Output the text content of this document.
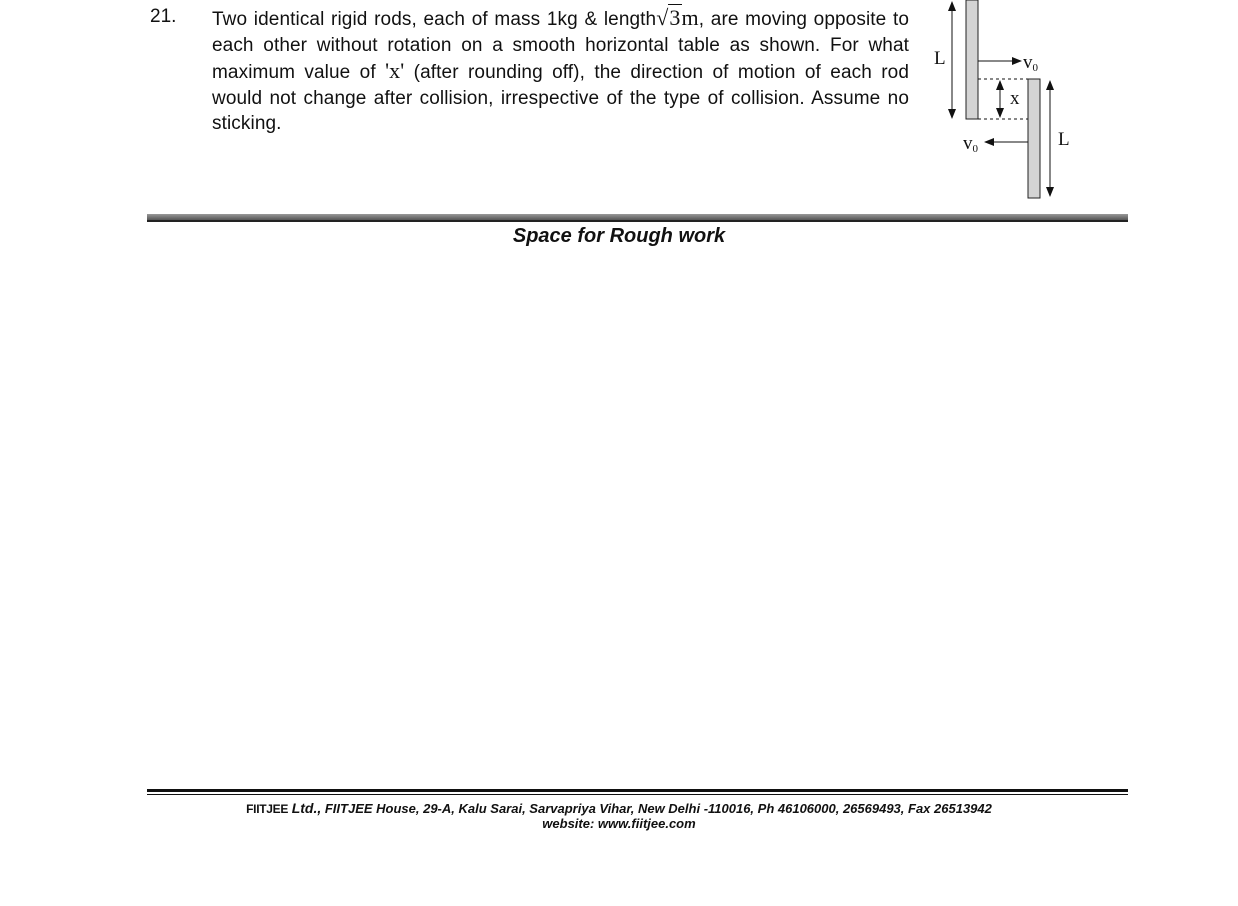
21. Two identical rigid rods, each of mass 1kg & length√3m, are moving opposite to each other without rotation on a smooth horizontal table as shown. For what maximum value of 'x' (after rounding off), the direction of motion of each rod would not change after collision, irrespective of the type of collision. Assume no sticking.
L
L
x
v0
v0
Space for Rough work
FIITJEE Ltd., FIITJEE House, 29-A, Kalu Sarai, Sarvapriya Vihar, New Delhi -110016, Ph 46106000, 26569493, Fax 26513942
website: www.fiitjee.com
